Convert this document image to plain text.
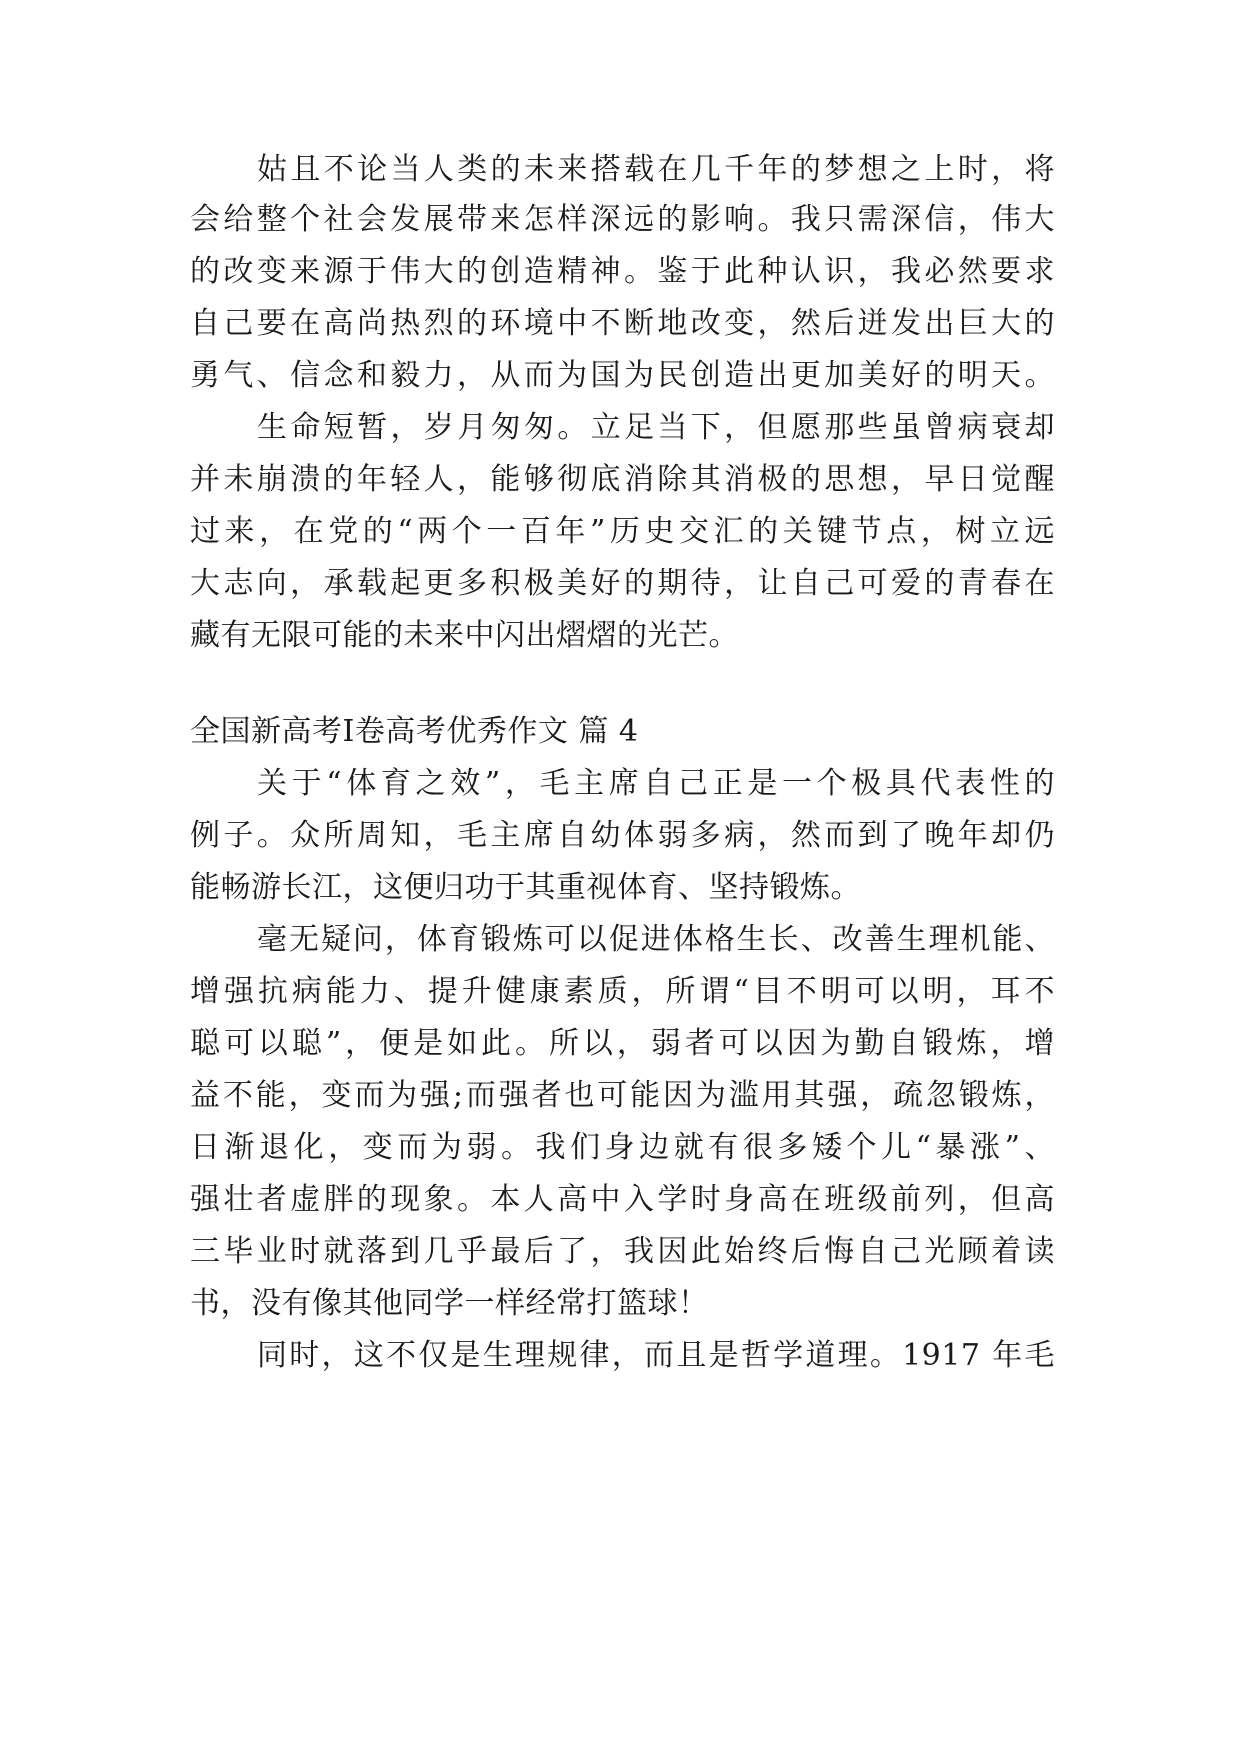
姑且不论当人类的未来搭载在几千年的梦想之上时，将
会给整个社会发展带来怎样深远的影响。我只需深信，伟大
的改变来源于伟大的创造精神。鉴于此种认识，我必然要求
自己要在高尚热烈的环境中不断地改变，然后迸发出巨大的
勇气、信念和毅力，从而为国为民创造出更加美好的明天。
生命短暂，岁月匆匆。立足当下，但愿那些虽曾病衰却
并未崩溃的年轻人，能够彻底消除其消极的思想，早日觉醒
过来，在党的“两个一百年”历史交汇的关键节点，树立远
大志向，承载起更多积极美好的期待，让自己可爱的青春在
藏有无限可能的未来中闪出熠熠的光芒。
全国新高考Ⅰ卷高考优秀作文 篇 4
关于“体育之效”，毛主席自己正是一个极具代表性的
例子。众所周知，毛主席自幼体弱多病，然而到了晚年却仍
能畅游长江，这便归功于其重视体育、坚持锻炼。
毫无疑问，体育锻炼可以促进体格生长、改善生理机能、
增强抗病能力、提升健康素质，所谓“目不明可以明，耳不
聪可以聪”，便是如此。所以，弱者可以因为勤自锻炼，增
益不能，变而为强;而强者也可能因为滥用其强，疏忽锻炼，
日渐退化，变而为弱。我们身边就有很多矮个儿“暴涨”、
强壮者虚胖的现象。本人高中入学时身高在班级前列，但高
三毕业时就落到几乎最后了，我因此始终后悔自己光顾着读
书，没有像其他同学一样经常打篮球！
同时，这不仅是生理规律，而且是哲学道理。1917 年毛
